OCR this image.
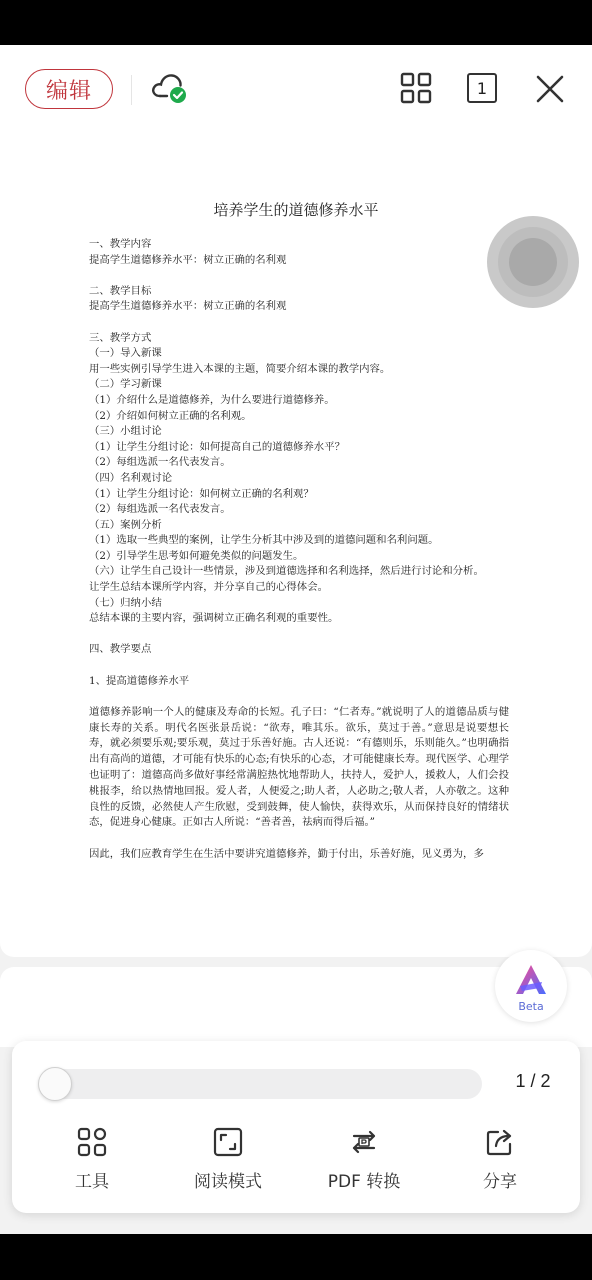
编辑	1
培养学生的道德修养水平
一、教学内容
提高学生道德修养水平：树立正确的名利观
二、教学目标
提高学生道德修养水平：树立正确的名利观
三、教学方式
（一）导入新课
用一些实例引导学生进入本课的主题，简要介绍本课的教学内容。
（二）学习新课
（1）介绍什么是道德修养，为什么要进行道德修养。
（2）介绍如何树立正确的名利观。
（三）小组讨论
（1）让学生分组讨论：如何提高自己的道德修养水平？
（2）每组选派一名代表发言。
（四）名利观讨论
（1）让学生分组讨论：如何树立正确的名利观？
（2）每组选派一名代表发言。
（五）案例分析
（1）选取一些典型的案例，让学生分析其中涉及到的道德问题和名利问题。
（2）引导学生思考如何避免类似的问题发生。
（六）让学生自己设计一些情景，涉及到道德选择和名利选择，然后进行讨论和分析。
让学生总结本课所学内容，并分享自己的心得体会。
（七）归纳小结
总结本课的主要内容，强调树立正确名利观的重要性。
四、教学要点
1、提高道德修养水平
道德修养影响一个人的健康及寿命的长短。孔子曰：“仁者寿。”就说明了人的道德品质与健康长寿的关系。明代名医张景岳说：“欲寿，唯其乐。欲乐，莫过于善。”意思是说要想长寿，就必须要乐观;要乐观，莫过于乐善好施。古人还说：“有德则乐，乐则能久。”也明确指出有高尚的道德，才可能有快乐的心态;有快乐的心态，才可能健康长寿。现代医学、心理学也证明了：道德高尚多做好事经常满腔热忱地帮助人，扶持人，爱护人，援救人，人们会投桃报李，给以热情地回报。爱人者，人便爱之;助人者，人必助之;敬人者，人亦敬之。这种良性的反馈，必然使人产生欣慰，受到鼓舞，使人愉快，获得欢乐，从而保持良好的情绪状态，促进身心健康。正如古人所说：“善者善，祛病而得后福。”
因此，我们应教育学生在生活中要讲究道德修养，勤于付出，乐善好施，见义勇为，多
Beta
1 / 2
工具	阅读模式	PDF 转换	分享
